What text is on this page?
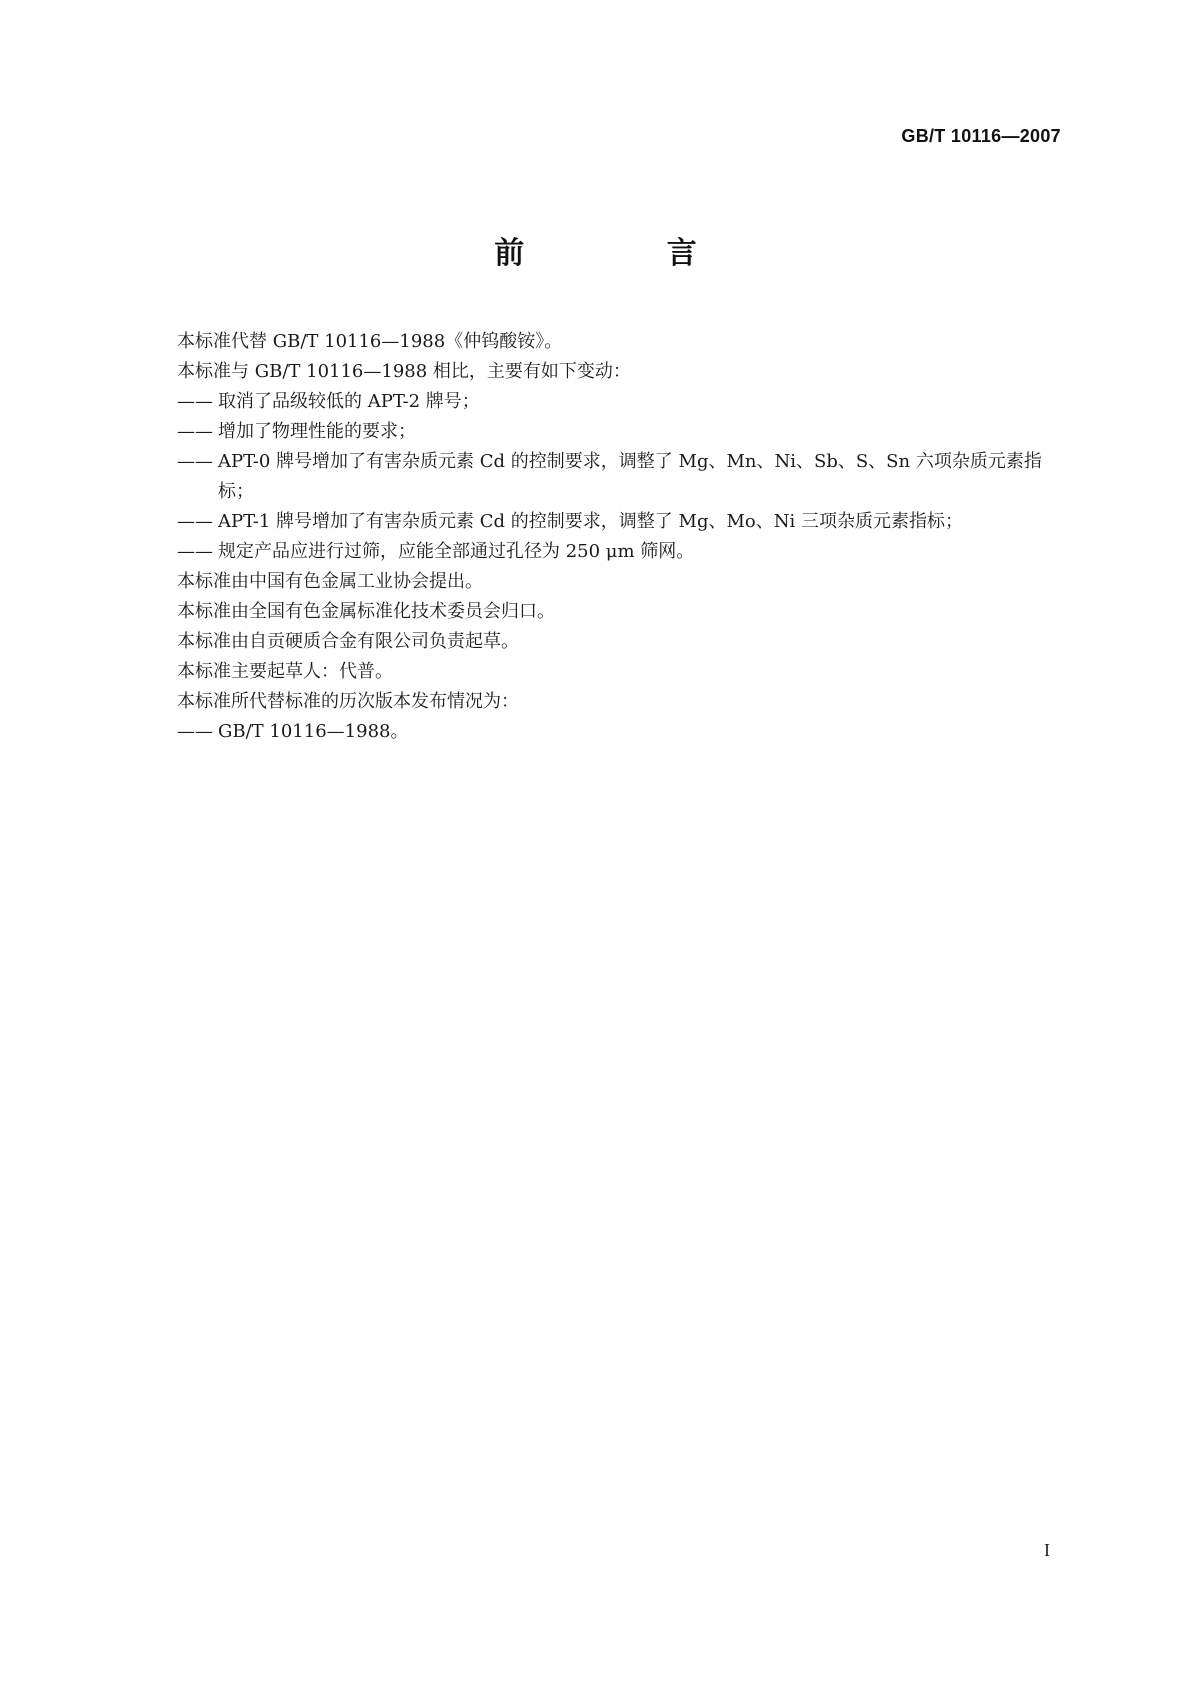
GB/T 10116—2007
前 言

本标准代替 GB/T 10116—1988《仲钨酸铵》。

本标准与 GB/T 10116—1988 相比，主要有如下变动：

—— 取消了品级较低的 APT-2 牌号；

—— 增加了物理性能的要求；

—— APT-0 牌号增加了有害杂质元素 Cd 的控制要求，调整了 Mg、Mn、Ni、Sb、S、Sn 六项杂质元素指标；

—— APT-1 牌号增加了有害杂质元素 Cd 的控制要求，调整了 Mg、Mo、Ni 三项杂质元素指标；

—— 规定产品应进行过筛，应能全部通过孔径为 250 μm 筛网。

本标准由中国有色金属工业协会提出。

本标准由全国有色金属标准化技术委员会归口。

本标准由自贡硬质合金有限公司负责起草。

本标准主要起草人：代普。

本标准所代替标准的历次版本发布情况为：

—— GB/T 10116—1988。

I
